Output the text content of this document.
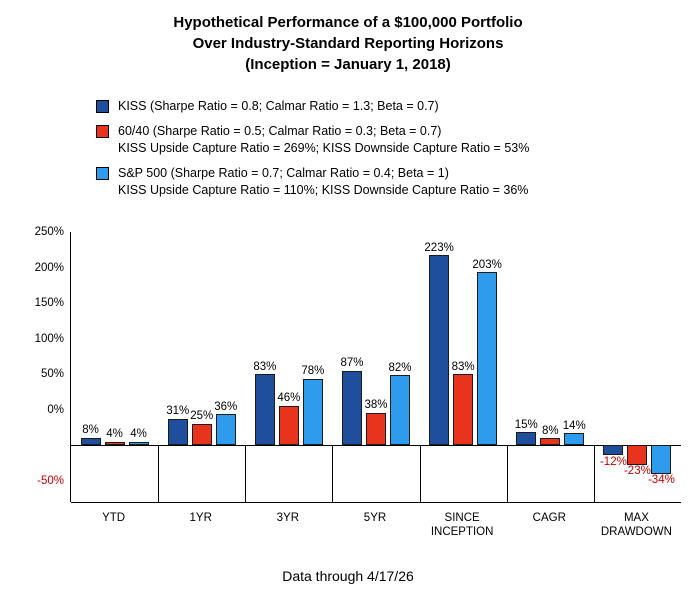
Hypothetical Performance of a $100,000 Portfolio
Over Industry-Standard Reporting Horizons
(Inception = January 1, 2018)
KISS (Sharpe Ratio = 0.8; Calmar Ratio = 1.3; Beta = 0.7)
60/40 (Sharpe Ratio = 0.5; Calmar Ratio = 0.3; Beta = 0.7)
KISS Upside Capture Ratio = 269%; KISS Downside Capture Ratio = 53%
S&P 500 (Sharpe Ratio = 0.7; Calmar Ratio = 0.4; Beta = 1)
KISS Upside Capture Ratio = 110%; KISS Downside Capture Ratio = 36%
250%
200%
150%
100%
50%
0%
-50%
8% 4% 4%
31% 25%
36%
83%
46%
78%
87%
38%
82%
223%
83%
203%
15% 8% 14%
-12%
-23%
-34%
YTD	1YR	3YR	5YR	SINCE
INCEPTION
CAGR	MAX
DRAWDOWN
Data through 4/17/26
